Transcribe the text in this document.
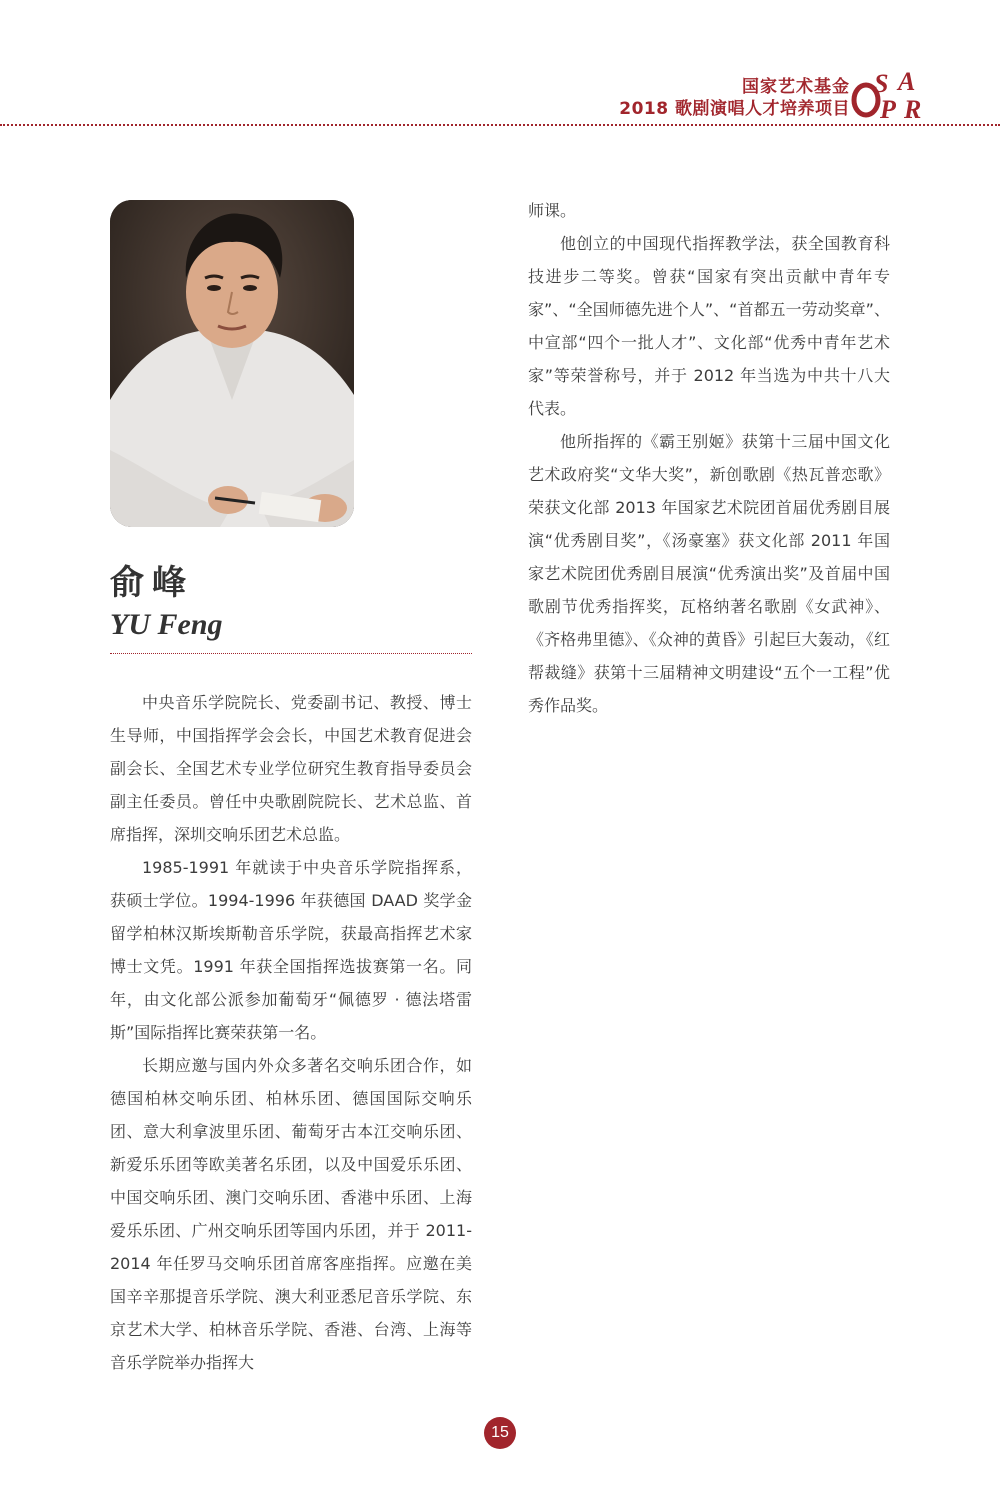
国家艺术基金
2018 歌剧演唱人才培养项目
S A
P R
俞峰
YU Feng

中央音乐学院院长、党委副书记、教授、博士生导师，中国指挥学会会长，中国艺术教育促进会副会长、全国艺术专业学位研究生教育指导委员会副主任委员。曾任中央歌剧院院长、艺术总监、首席指挥，深圳交响乐团艺术总监。

1985-1991 年就读于中央音乐学院指挥系，获硕士学位。1994-1996 年获德国 DAAD 奖学金留学柏林汉斯埃斯勒音乐学院，获最高指挥艺术家博士文凭。1991 年获全国指挥选拔赛第一名。同年，由文化部公派参加葡萄牙“佩德罗 · 德法塔雷斯”国际指挥比赛荣获第一名。

长期应邀与国内外众多著名交响乐团合作，如德国柏林交响乐团、柏林乐团、德国国际交响乐团、意大利拿波里乐团、葡萄牙古本江交响乐团、新爱乐乐团等欧美著名乐团，以及中国爱乐乐团、中国交响乐团、澳门交响乐团、香港中乐团、上海爱乐乐团、广州交响乐团等国内乐团，并于 2011-2014 年任罗马交响乐团首席客座指挥。应邀在美国辛辛那提音乐学院、澳大利亚悉尼音乐学院、东京艺术大学、柏林音乐学院、香港、台湾、上海等音乐学院举办指挥大

师课。

他创立的中国现代指挥教学法，获全国教育科技进步二等奖。曾获“国家有突出贡献中青年专家”、“全国师德先进个人”、“首都五一劳动奖章”、中宣部“四个一批人才”、文化部“优秀中青年艺术家”等荣誉称号，并于 2012 年当选为中共十八大代表。

他所指挥的《霸王别姬》获第十三届中国文化艺术政府奖“文华大奖”，新创歌剧《热瓦普恋歌》荣获文化部 2013 年国家艺术院团首届优秀剧目展演“优秀剧目奖”，《汤豪塞》获文化部 2011 年国家艺术院团优秀剧目展演“优秀演出奖”及首届中国歌剧节优秀指挥奖，瓦格纳著名歌剧《女武神》、《齐格弗里德》、《众神的黄昏》引起巨大轰动，《红帮裁缝》获第十三届精神文明建设“五个一工程”优秀作品奖。

15
